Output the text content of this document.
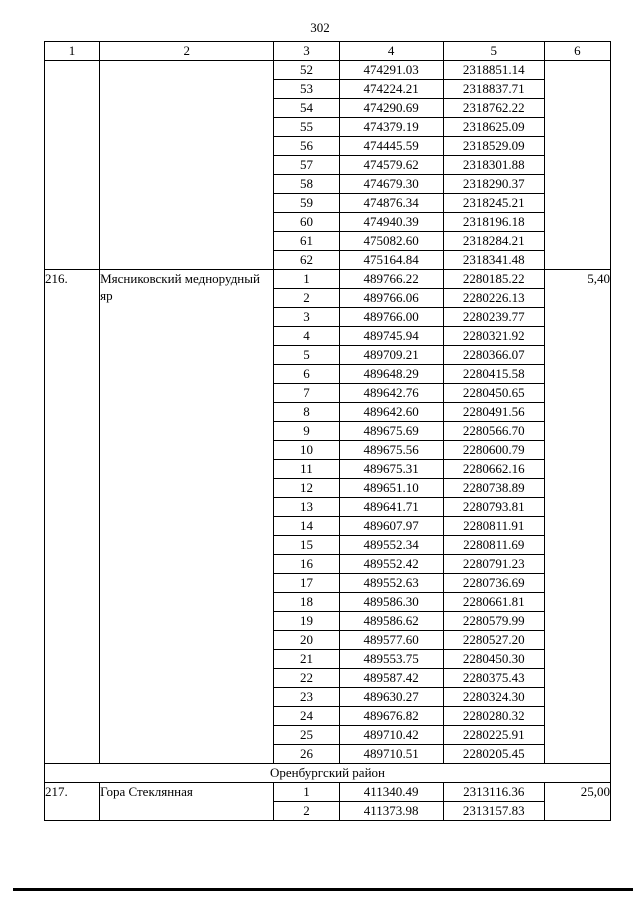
302
1	2	3	4	5	6
		52	474291.03	2318851.14	
		53	474224.21	2318837.71	
		54	474290.69	2318762.22	
		55	474379.19	2318625.09	
		56	474445.59	2318529.09	
		57	474579.62	2318301.88	
		58	474679.30	2318290.37	
		59	474876.34	2318245.21	
		60	474940.39	2318196.18	
		61	475082.60	2318284.21	
		62	475164.84	2318341.48	
216.	Мясниковский меднорудный яр	1	489766.22	2280185.22	5,40
		2	489766.06	2280226.13	
		3	489766.00	2280239.77	
		4	489745.94	2280321.92	
		5	489709.21	2280366.07	
		6	489648.29	2280415.58	
		7	489642.76	2280450.65	
		8	489642.60	2280491.56	
		9	489675.69	2280566.70	
		10	489675.56	2280600.79	
		11	489675.31	2280662.16	
		12	489651.10	2280738.89	
		13	489641.71	2280793.81	
		14	489607.97	2280811.91	
		15	489552.34	2280811.69	
		16	489552.42	2280791.23	
		17	489552.63	2280736.69	
		18	489586.30	2280661.81	
		19	489586.62	2280579.99	
		20	489577.60	2280527.20	
		21	489553.75	2280450.30	
		22	489587.42	2280375.43	
		23	489630.27	2280324.30	
		24	489676.82	2280280.32	
		25	489710.42	2280225.91	
		26	489710.51	2280205.45	
Оренбургский район					
217.	Гора Стеклянная	1	411340.49	2313116.36	25,00
		2	411373.98	2313157.83	
